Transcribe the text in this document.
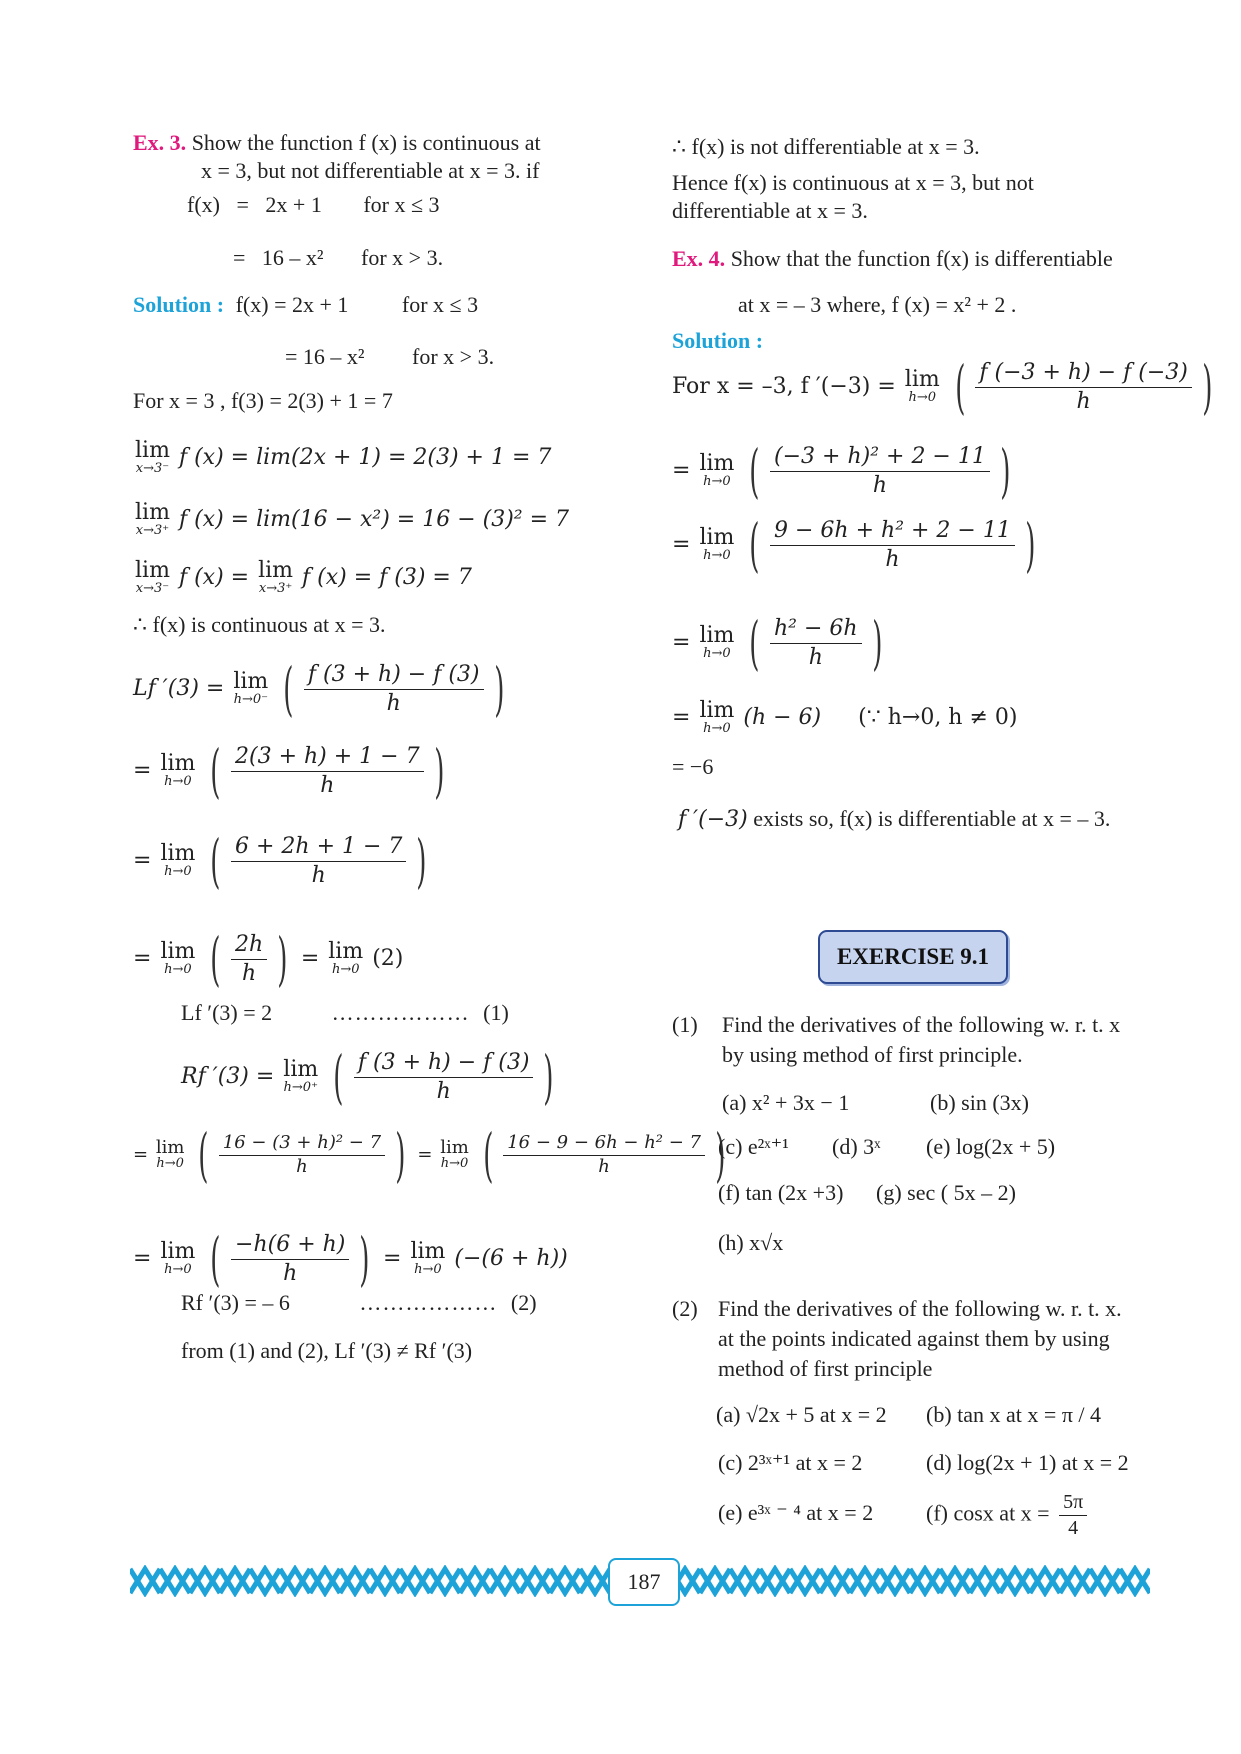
Ex. 3. Show the function f (x) is continuous at
x = 3, but not differentiable at x = 3. if
f(x) = 2x + 1 for x ≤ 3
= 16 – x² for x > 3.
Solution : f(x) = 2x + 1 for x ≤ 3
= 16 – x² for x > 3.
For x = 3 , f(3) = 2(3) + 1 = 7
lim
x→3⁻ f (x) = lim(2x + 1) = 2(3) + 1 = 7
lim
x→3⁺ f (x) = lim(16 − x²) = 16 − (3)² = 7
lim
x→3⁻ f (x) = lim
x→3⁺ f (x) = f (3) = 7
∴ f(x) is continuous at x = 3.
Lf ′(3) = lim
h→0⁻
( $\frac{f (3 + h) - f (3)}{h}$ )
= lim
h→0
( $\frac{2(3 + h) + 1 - 7}{h}$ )
= lim
h→0
( $\frac{6 + 2h + 1 - 7}{h}$ )
= lim
h→0
( $\frac{2h}{h}$ ) = lim
h→0 (2)
Lf ′(3) = 2	……………… (1)
Rf ′(3) = lim
h→0⁺
( $\frac{f (3 + h) - f (3)}{h}$ )
= lim
h→0
( $\frac{\text{16 − (3 + h)² − 7}}{h}$ ) = lim
h→0
( $\frac{\text{16 − 9 − 6h − h² − 7}}{h}$ )
= lim
h→0
( $\frac{-h(6 + h)}{h}$ ) = lim
h→0 (−(6 + h))
Rf ′(3) = – 6	……………… (2)
from (1) and (2), Lf ′(3) ≠ Rf ′(3)
∴ f(x) is not differentiable at x = 3.
Hence f(x) is continuous at x = 3, but not
differentiable at x = 3.
Ex. 4. Show that the function f(x) is differentiable
at x = – 3 where, f (x) = x² + 2 .
Solution :
For x = –3, f ′(−3) = lim
h→0
( $\frac{f (-3 + h) - f (-3)}{h}$ )
= lim
h→0
( $\frac{\text{(−3 + h)² + 2 − 11}}{h}$ )
= lim
h→0
( $\frac{\text{9 − 6h + h² + 2 − 11}}{h}$ )
= lim
h→0
( $\frac{\text{h² − 6h}}{h}$ )
= lim
h→0 (h − 6) (∵ h→0, h ≠ 0)
= −6
f ′(−3) exists so, f(x) is differentiable at x = – 3.
(1) Find the derivatives of the following w. r. t. x
by using method of first principle.
(a) x² + 3x − 1	(b) sin (3x)
(c) e²ˣ⁺¹ (d) 3ˣ (e) log(2x + 5)
(f) tan (2x +3) (g) sec ( 5x – 2)
(h) x√x
(2) Find the derivatives of the following w. r. t. x.
at the points indicated against them by using
method of first principle
(a) √2x + 5 at x = 2 (b) tan x at x = π / 4
(c) 2³ˣ⁺¹ at x = 2	(d) log(2x + 1) at x = 2
(e) e³ˣ ⁻ ⁴ at x = 2 (f) cosx at $x = \frac{5\pi}{4}$
EXERCISE 9.1
187
